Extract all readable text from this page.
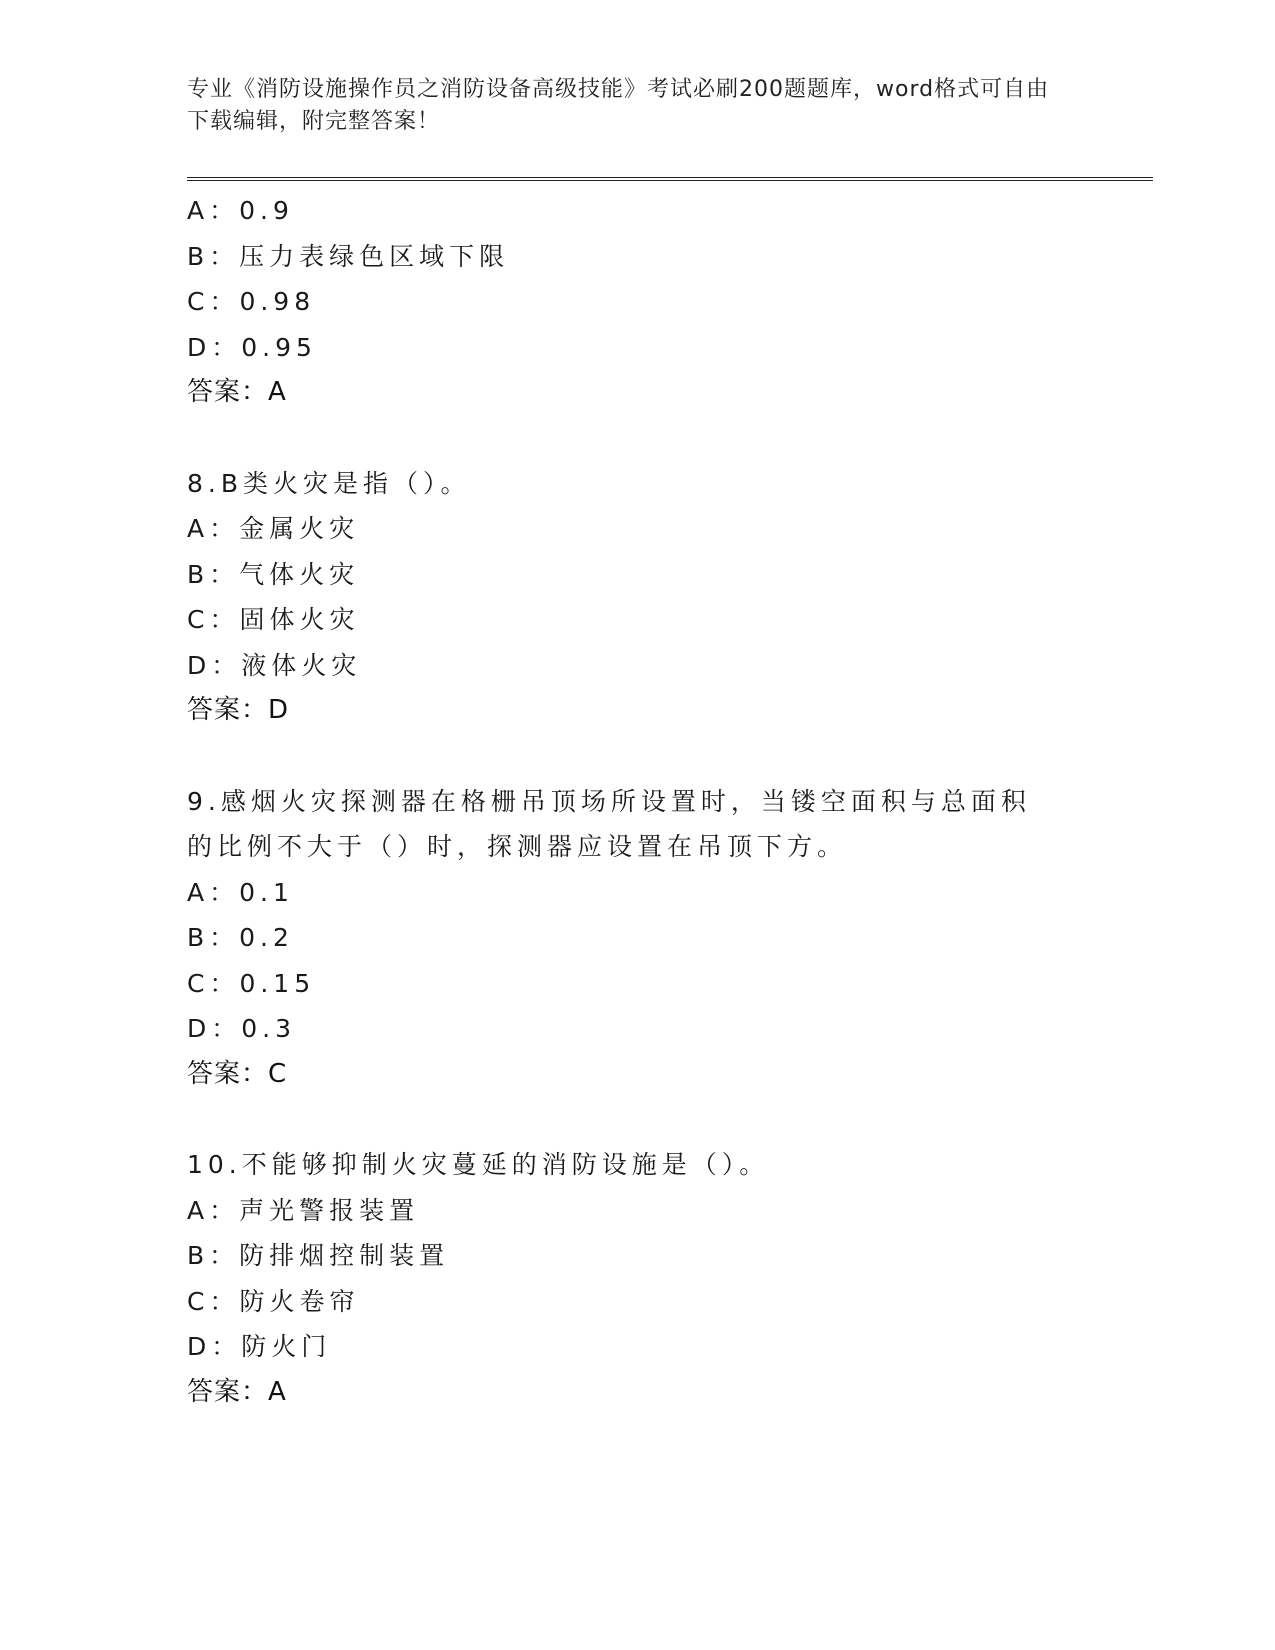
专业《消防设施操作员之消防设备高级技能》考试必刷200题题库，word格式可自由下载编辑，附完整答案！
A：0.9
B：压力表绿色区域下限
C：0.98
D：0.95
答案：A
8.B类火灾是指（）。
A：金属火灾
B：气体火灾
C：固体火灾
D：液体火灾
答案：D
9.感烟火灾探测器在格栅吊顶场所设置时，当镂空面积与总面积的比例不大于（）时，探测器应设置在吊顶下方。
A：0.1
B：0.2
C：0.15
D：0.3
答案：C
10.不能够抑制火灾蔓延的消防设施是（）。
A：声光警报装置
B：防排烟控制装置
C：防火卷帘
D：防火门
答案：A
